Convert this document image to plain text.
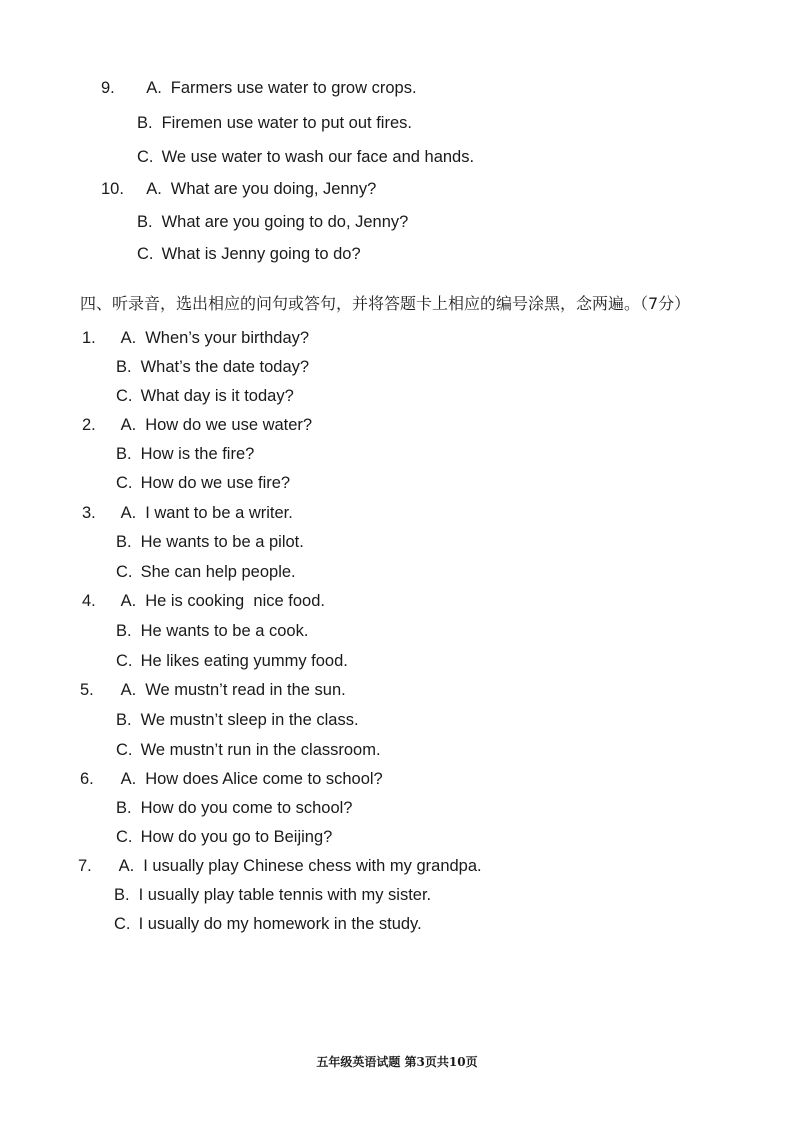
9. A. Farmers use water to grow crops.
B. Firemen use water to put out fires.
C. We use water to wash our face and hands.
10. A. What are you doing, Jenny?
B. What are you going to do, Jenny?
C. What is Jenny going to do?
四、听录音，选出相应的问句或答句，并将答题卡上相应的编号涂黑，念两遍。（7分）
1. A. When’s your birthday?
B. What’s the date today?
C. What day is it today?
2. A. How do we use water?
B. How is the fire?
C. How do we use fire?
3. A. I want to be a writer.
B. He wants to be a pilot.
C. She can help people.
4. A. He is cooking  nice food.
B. He wants to be a cook.
C. He likes eating yummy food.
5. A. We mustn’t read in the sun.
B. We mustn’t sleep in the class.
C. We mustn’t run in the classroom.
6. A. How does Alice come to school?
B. How do you come to school?
C. How do you go to Beijing?
7. A. I usually play Chinese chess with my grandpa.
B. I usually play table tennis with my sister.
C. I usually do my homework in the study.
五年级英语试题 第3页共10页
